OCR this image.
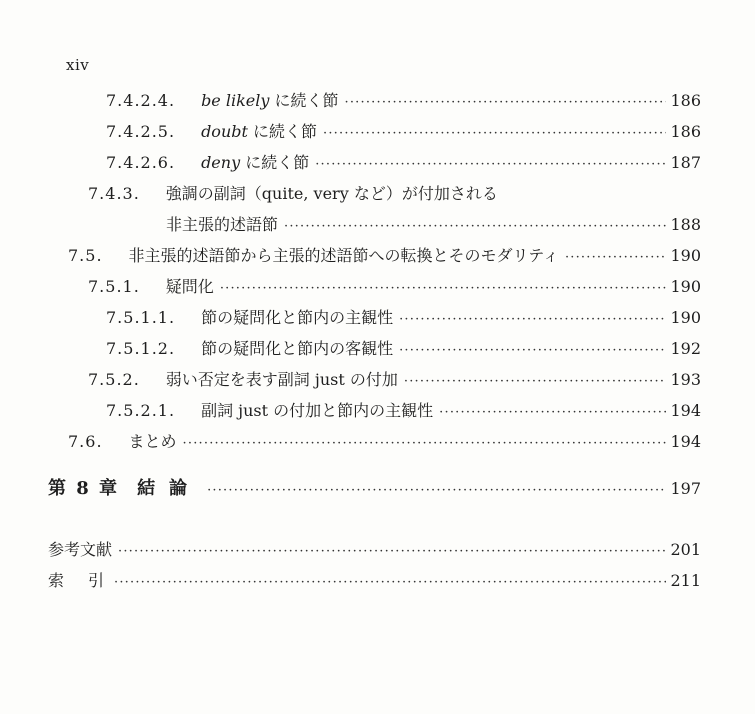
xiv
7.4.2.4. be likely に続く節 ·····	186
7.4.2.5. doubt に続く節 ·····	186
7.4.2.6. deny に続く節 ·····	187
7.4.3. 強調の副詞（quite, very など）が付加される
非主張的述語節 ·····	188
7.5. 非主張的述語節から主張的述語節への転換とそのモダリティ ·····	190
7.5.1. 疑問化 ·····	190
7.5.1.1. 節の疑問化と節内の主観性 ·····	190
7.5.1.2. 節の疑問化と節内の客観性 ·····	192
7.5.2. 弱い否定を表す副詞 just の付加 ·····	193
7.5.2.1. 副詞 just の付加と節内の主観性 ·····	194
7.6. まとめ ·····	194
第 8 章 結論 ·····	197
参考文献 ·····	201
索　引 ·····	211
